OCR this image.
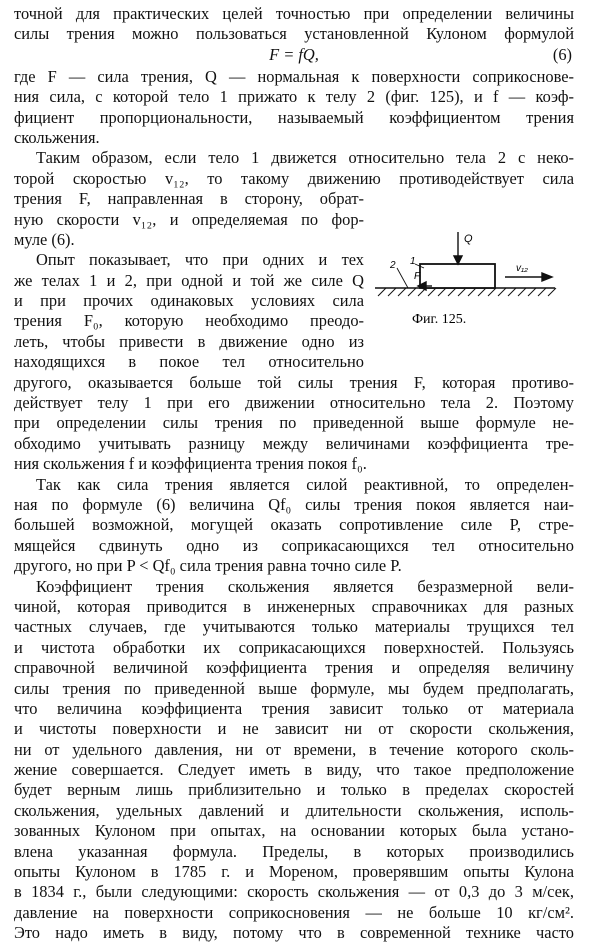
точной для практических целей точностью при определении величины
силы трения можно пользоваться установленной Кулоном формулой
F = fQ,	(6)
где F — сила трения, Q — нормальная к поверхности соприкоснове-
ния сила, с которой тело 1 прижато к телу 2 (фиг. 125), и f — коэф-
фициент пропорциональности, называемый коэффициентом трения
скольжения.
Таким образом, если тело 1 движется относительно тела 2 с неко-
торой скоростью v₁₂, то такому движению противодействует сила
трения F, направленная в сторону, обрат-
ную скорости v₁₂, и определяемая по фор-
муле (6).
Опыт показывает, что при одних и тех
же телах 1 и 2, при одной и той же силе Q
и при прочих одинаковых условиях сила
трения F₀, которую необходимо преодо-
леть, чтобы привести в движение одно из
находящихся в покое тел относительно
другого, оказывается больше той силы трения F, которая противо-
действует телу 1 при его движении относительно тела 2. Поэтому
при определении силы трения по приведенной выше формуле не-
обходимо учитывать разницу между величинами коэффициента тре-
ния скольжения f и коэффициента трения покоя f₀.
Так как сила трения является силой реактивной, то определен-
ная по формуле (6) величина Qf₀ силы трения покоя является наи-
большей возможной, могущей оказать сопротивление силе P, стре-
мящейся сдвинуть одно из соприкасающихся тел относительно
другого, но при P < Qf₀ сила трения равна точно силе P.
Коэффициент трения скольжения является безразмерной вели-
чиной, которая приводится в инженерных справочниках для разных
частных случаев, где учитываются только материалы трущихся тел
и чистота обработки их соприкасающихся поверхностей. Пользуясь
справочной величиной коэффициента трения и определяя величину
силы трения по приведенной выше формуле, мы будем предполагать,
что величина коэффициента трения зависит только от материала
и чистоты поверхности и не зависит ни от скорости скольжения,
ни от удельного давления, ни от времени, в течение которого сколь-
жение совершается. Следует иметь в виду, что такое предположение
будет верным лишь приблизительно и только в пределах скоростей
скольжения, удельных давлений и длительности скольжения, исполь-
зованных Кулоном при опытах, на основании которых была устано-
влена указанная формула. Пределы, в которых производились
опыты Кулоном в 1785 г. и Мореном, проверявшим опыты Кулона
в 1834 г., были следующими: скорость скольжения — от 0,3 до 3 м/сек,
давление на поверхности соприкосновения — не больше 10 кг/см².
Это надо иметь в виду, потому что в современной технике часто
Q
1
2
F
v₁₂
Фиг. 125.
